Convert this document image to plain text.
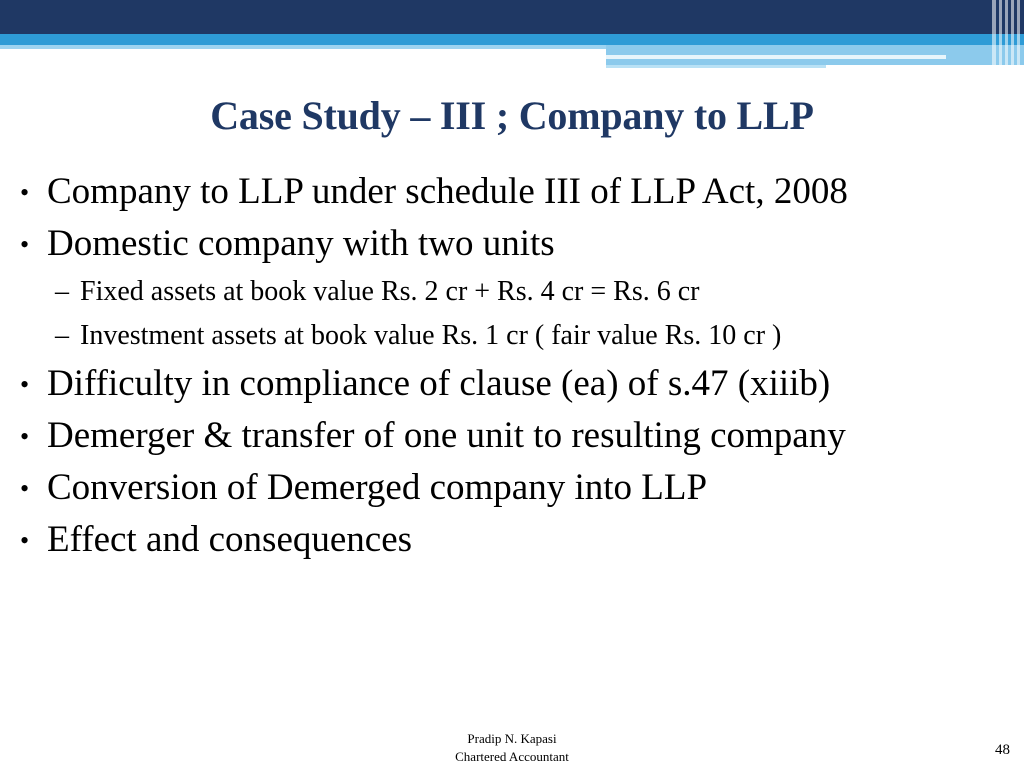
Case Study – III ; Company to LLP
• Company to LLP under schedule III of LLP Act, 2008
• Domestic company with two units
– Fixed assets at book value Rs. 2 cr + Rs. 4 cr = Rs. 6 cr
– Investment assets at book value Rs. 1 cr ( fair value Rs. 10 cr )
• Difficulty in compliance of clause (ea) of s.47 (xiiib)
• Demerger & transfer of one unit to resulting company
• Conversion of Demerged company into LLP
• Effect and consequences
Pradip N. Kapasi
Chartered Accountant	48
